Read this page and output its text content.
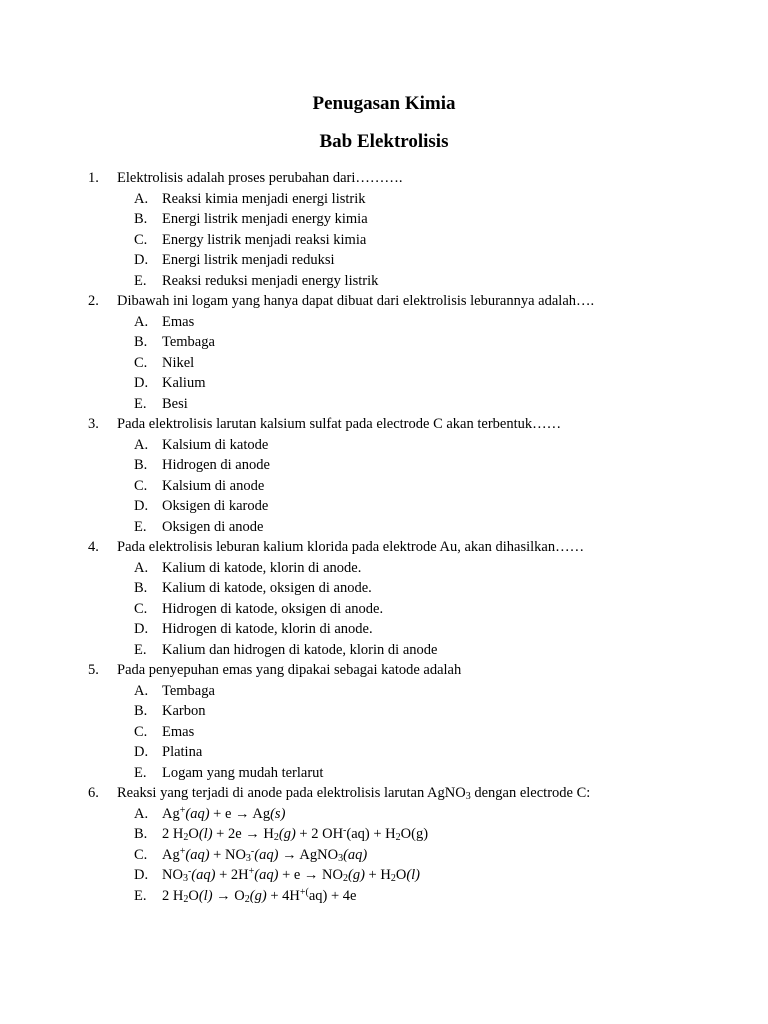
Penugasan Kimia
Bab Elektrolisis
1.	Elektrolisis adalah proses perubahan dari……….
A. Reaksi kimia menjadi energi listrik
B.	Energi listrik menjadi energy kimia
C.	Energy listrik menjadi reaksi kimia
D. Energi listrik menjadi reduksi
E.	Reaksi reduksi menjadi energy listrik
2.	Dibawah ini logam yang hanya dapat dibuat dari elektrolisis leburannya adalah….
A. Emas
B.	Tembaga
C.	Nikel
D. Kalium
E.	Besi
3.	Pada elektrolisis larutan kalsium sulfat pada electrode C akan terbentuk……
A. Kalsium di katode
B.	Hidrogen di anode
C.	Kalsium di anode
D. Oksigen di karode
E.	Oksigen di anode
4.	Pada elektrolisis leburan kalium klorida pada elektrode Au, akan dihasilkan……
A. Kalium di katode, klorin di anode.
B.	Kalium di katode, oksigen di anode.
C.	Hidrogen di katode, oksigen di anode.
D. Hidrogen di katode, klorin di anode.
E.	Kalium dan hidrogen di katode, klorin di anode
5.	Pada penyepuhan emas yang dipakai sebagai katode adalah
A. Tembaga
B.	Karbon
C.	Emas
D. Platina
E.	Logam yang mudah terlarut
6.	Reaksi yang terjadi di anode pada elektrolisis larutan AgNO$_3$ dengan electrode C:
A. Ag+(aq) + e → Ag(s)
B.	2 $H_2O(l) + 2e \to H_2(g) + 2$ $OH^-(aq) + H_2O(g)$
C.	$Ag^+(aq) + NO_3^-(aq)$ → AgNO$_3$(aq)
D. $NO_3^-(aq) + 2H^+(aq) + e \to NO_2(g) + H_2O(l)$
E.	2 $H_2O(l) \to O_2(g) + 4H^{+(}aq) + 4e$
